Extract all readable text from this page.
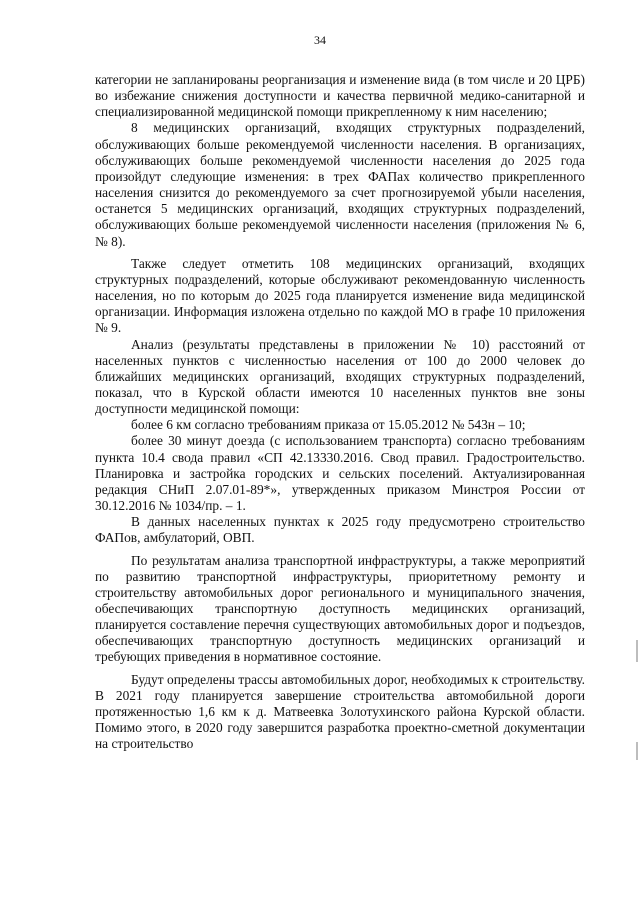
34

категории не запланированы реорганизация и изменение вида (в том числе и 20 ЦРБ) во избежание снижения доступности и качества первичной медико-санитарной и специализированной медицинской помощи прикрепленному к ним населению;

8 медицинских организаций, входящих структурных подразделений, обслуживающих больше рекомендуемой численности населения. В организациях, обслуживающих больше рекомендуемой численности населения до 2025 года произойдут следующие изменения: в трех ФАПах количество прикрепленного населения снизится до рекомендуемого за счет прогнозируемой убыли населения, останется 5 медицинских организаций, входящих структурных подразделений, обслуживающих больше рекомендуемой численности населения (приложения № 6, № 8).

Также следует отметить 108 медицинских организаций, входящих структурных подразделений, которые обслуживают рекомендованную численность населения, но по которым до 2025 года планируется изменение вида медицинской организации. Информация изложена отдельно по каждой МО в графе 10 приложения № 9.

Анализ (результаты представлены в приложении № 10) расстояний от населенных пунктов с численностью населения от 100 до 2000 человек до ближайших медицинских организаций, входящих структурных подразделений, показал, что в Курской области имеются 10 населенных пунктов вне зоны доступности медицинской помощи:

более 6 км согласно требованиям приказа от 15.05.2012 № 543н – 10;

более 30 минут доезда (с использованием транспорта) согласно требованиям пункта 10.4 свода правил «СП 42.13330.2016. Свод правил. Градостроительство. Планировка и застройка городских и сельских поселений. Актуализированная редакция СНиП 2.07.01-89*», утвержденных приказом Минстроя России от 30.12.2016 № 1034/пр. – 1.

В данных населенных пунктах к 2025 году предусмотрено строительство ФАПов, амбулаторий, ОВП.

По результатам анализа транспортной инфраструктуры, а также мероприятий по развитию транспортной инфраструктуры, приоритетному ремонту и строительству автомобильных дорог регионального и муниципального значения, обеспечивающих транспортную доступность медицинских организаций, планируется составление перечня существующих автомобильных дорог и подъездов, обеспечивающих транспортную доступность медицинских организаций и требующих приведения в нормативное состояние.

Будут определены трассы автомобильных дорог, необходимых к строительству. В 2021 году планируется завершение строительства автомобильной дороги протяженностью 1,6 км к д. Матвеевка Золотухинского района Курской области. Помимо этого, в 2020 году завершится разработка проектно-сметной документации на строительство
